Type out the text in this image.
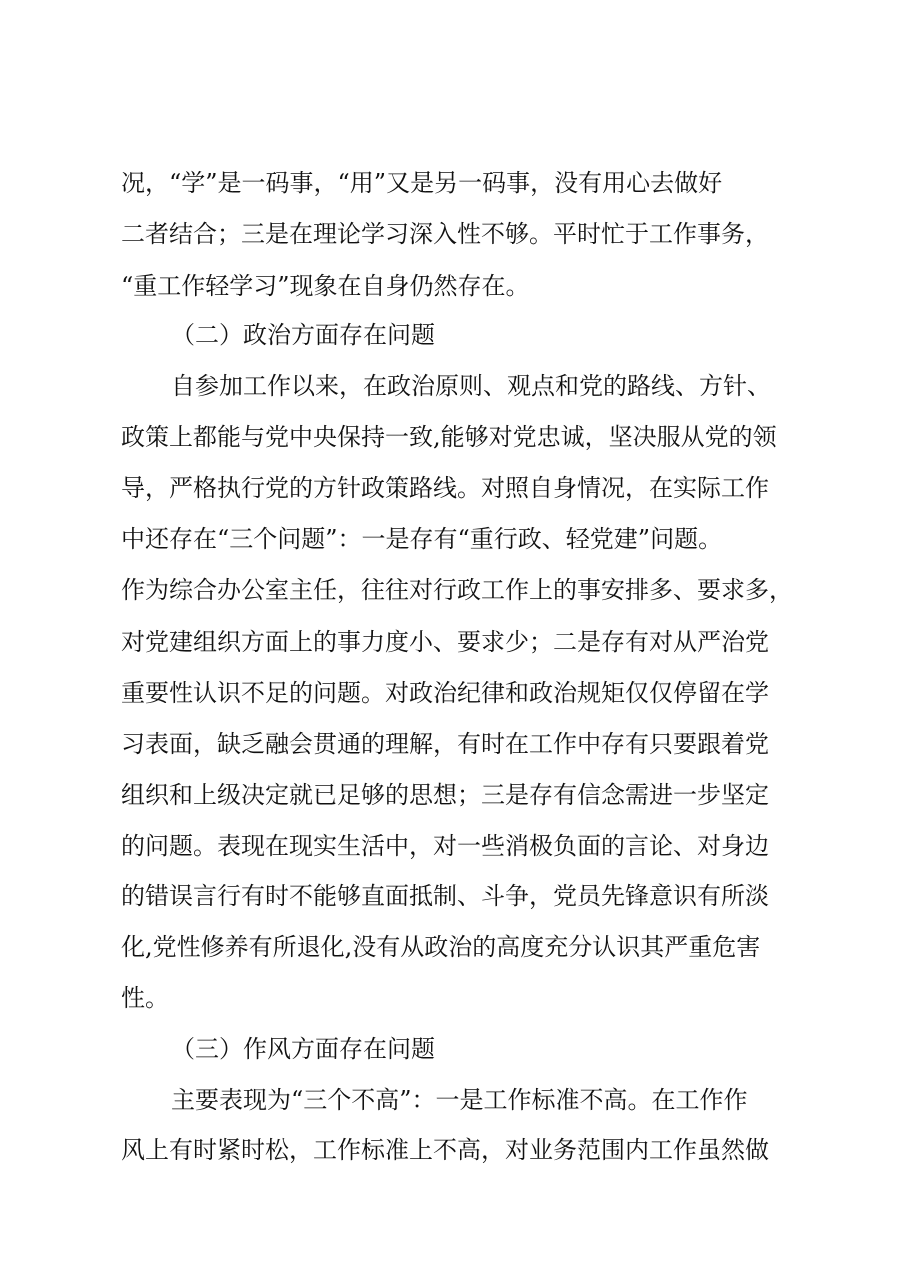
况，“学”是一码事，“用”又是另一码事，没有用心去做好
二者结合；三是在理论学习深入性不够。平时忙于工作事务，
“重工作轻学习”现象在自身仍然存在。
（二）政治方面存在问题
自参加工作以来，在政治原则、观点和党的路线、方针、
政策上都能与党中央保持一致,能够对党忠诚，坚决服从党的领
导，严格执行党的方针政策路线。对照自身情况，在实际工作
中还存在“三个问题”：一是存有“重行政、轻党建”问题。
作为综合办公室主任，往往对行政工作上的事安排多、要求多，
对党建组织方面上的事力度小、要求少；二是存有对从严治党
重要性认识不足的问题。对政治纪律和政治规矩仅仅停留在学
习表面，缺乏融会贯通的理解，有时在工作中存有只要跟着党
组织和上级决定就已足够的思想；三是存有信念需进一步坚定
的问题。表现在现实生活中，对一些消极负面的言论、对身边
的错误言行有时不能够直面抵制、斗争，党员先锋意识有所淡
化,党性修养有所退化,没有从政治的高度充分认识其严重危害
性。
（三）作风方面存在问题
主要表现为“三个不高”：一是工作标准不高。在工作作
风上有时紧时松，工作标准上不高，对业务范围内工作虽然做
